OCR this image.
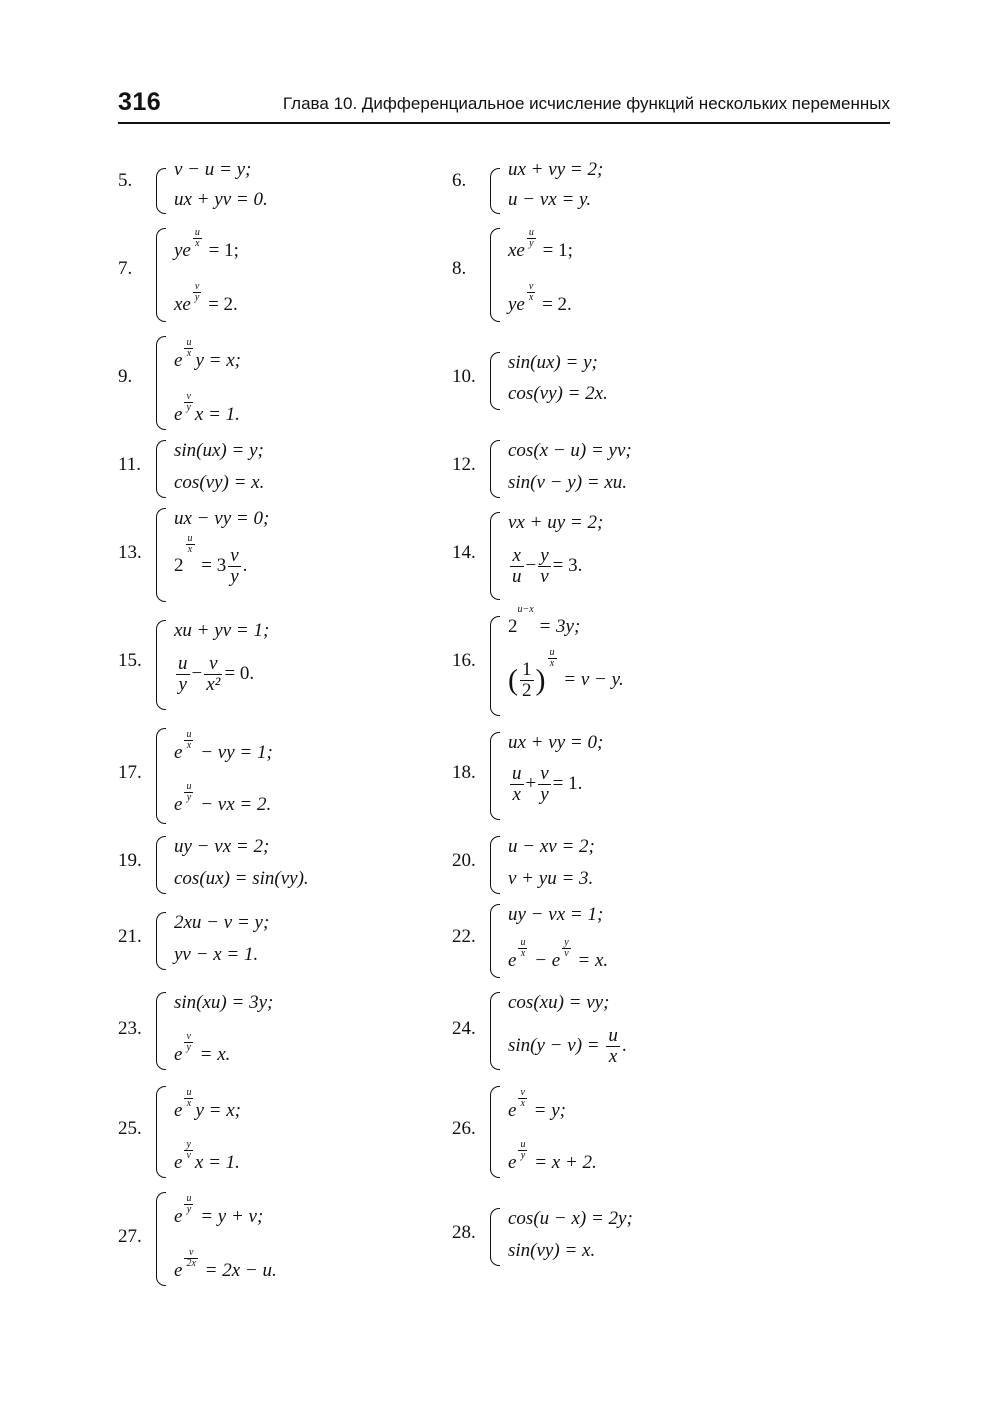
316	Глава 10. Дифференциальное исчисление функций нескольких переменных
5.
v − u = y;
ux + yv = 0.
6.
ux + vy = 2;
u − vx = y.
7.
ye
$\frac{u}{x}$
= 1;
xe
$\frac{v}{y}$
= 2.
8.
xe
$\frac{u}{y}$
= 1;
ye
$\frac{v}{x}$
= 2.
9.
e
$\frac{u}{x}$
y = x;
e
$\frac{v}{y}$
x = 1.
10.
sin(ux) = y;
cos(vy) = 2x.
11.
sin(ux) = y;
cos(vy) = x.
12.
cos(x − u) = yv;
sin(v − y) = xu.
13.
ux − vy = 0;
2
$\frac{u}{x}$
= $3 \frac{v}{y}$ .
14.
vx + uy = 2;
$\frac{x}{u} - \frac{y}{v} = 3$.
15.
xu + yv = 1;
$\frac{u}{y} - \frac{v}{\text{x²}} = 0$.
16.
2u−x = 3y;
( $\frac{1}{2}$ )
$\frac{u}{x}$
= v − y.
17.
e
$\frac{u}{x}$
− vy = 1;
e
$\frac{u}{y}$
− vx = 2.
18.
ux + vy = 0;
$\frac{u}{x} + \frac{v}{y} = 1$.
19.
uy − vx = 2;
cos(ux) = sin(vy).
20.
u − xv = 2;
v + yu = 3.
21.
2xu − v = y;
yv − x = 1.
22.
uy − vx = 1;
e
$\frac{u}{x}$
− e
$\frac{y}{v}$
= x.
23.
sin(xu) = 3y;
e
$\frac{v}{y}$
= x.
24.
cos(xu) = vy;
$\sin(y - v) = \frac{u}{x}$ .
25.
e
$\frac{u}{x}$
y = x;
e
$\frac{y}{v}$
x = 1.
26.
e
$\frac{v}{x}$
= y;
e
$\frac{u}{y}$
= x + 2.
27.
e
$\frac{u}{y}$
= y + v;
e
$\frac{v}{2x}$
= 2x − u.
28.
cos(u − x) = 2y;
sin(vy) = x.
